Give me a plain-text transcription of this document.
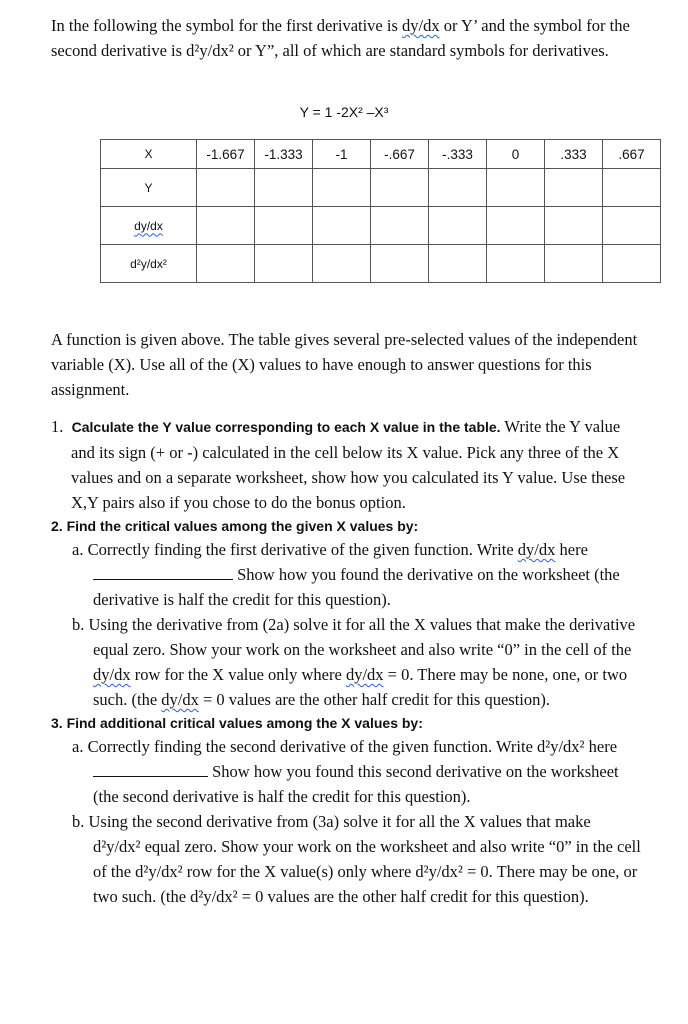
In the following the symbol for the first derivative is dy/dx or Y’ and the symbol for the second derivative is d²y/dx² or Y”, all of which are standard symbols for derivatives.
Y = 1 -2X² –X³
X	-1.667	-1.333	-1	-.667	-.333	0	.333	.667
Y								
dy/dx								
d²y/dx²								
A function is given above. The table gives several pre-selected values of the independent variable (X). Use all of the (X) values to have enough to answer questions for this assignment.
1. Calculate the Y value corresponding to each X value in the table. Write the Y value and its sign (+ or -) calculated in the cell below its X value. Pick any three of the X values and on a separate worksheet, show how you calculated its Y value. Use these X,Y pairs also if you chose to do the bonus option.
2. Find the critical values among the given X values by:
a. Correctly finding the first derivative of the given function. Write dy/dx here  Show how you found the derivative on the worksheet (the derivative is half the credit for this question).
b. Using the derivative from (2a) solve it for all the X values that make the derivative equal zero. Show your work on the worksheet and also write “0” in the cell of the dy/dx row for the X value only where dy/dx = 0. There may be none, one, or two such. (the dy/dx = 0 values are the other half credit for this question).
3. Find additional critical values among the X values by:
a. Correctly finding the second derivative of the given function. Write d²y/dx² here  Show how you found this second derivative on the worksheet (the second derivative is half the credit for this question).
b. Using the second derivative from (3a) solve it for all the X values that make d²y/dx² equal zero. Show your work on the worksheet and also write “0” in the cell of the d²y/dx² row for the X value(s) only where d²y/dx² = 0. There may be one, or two such. (the d²y/dx² = 0 values are the other half credit for this question).
